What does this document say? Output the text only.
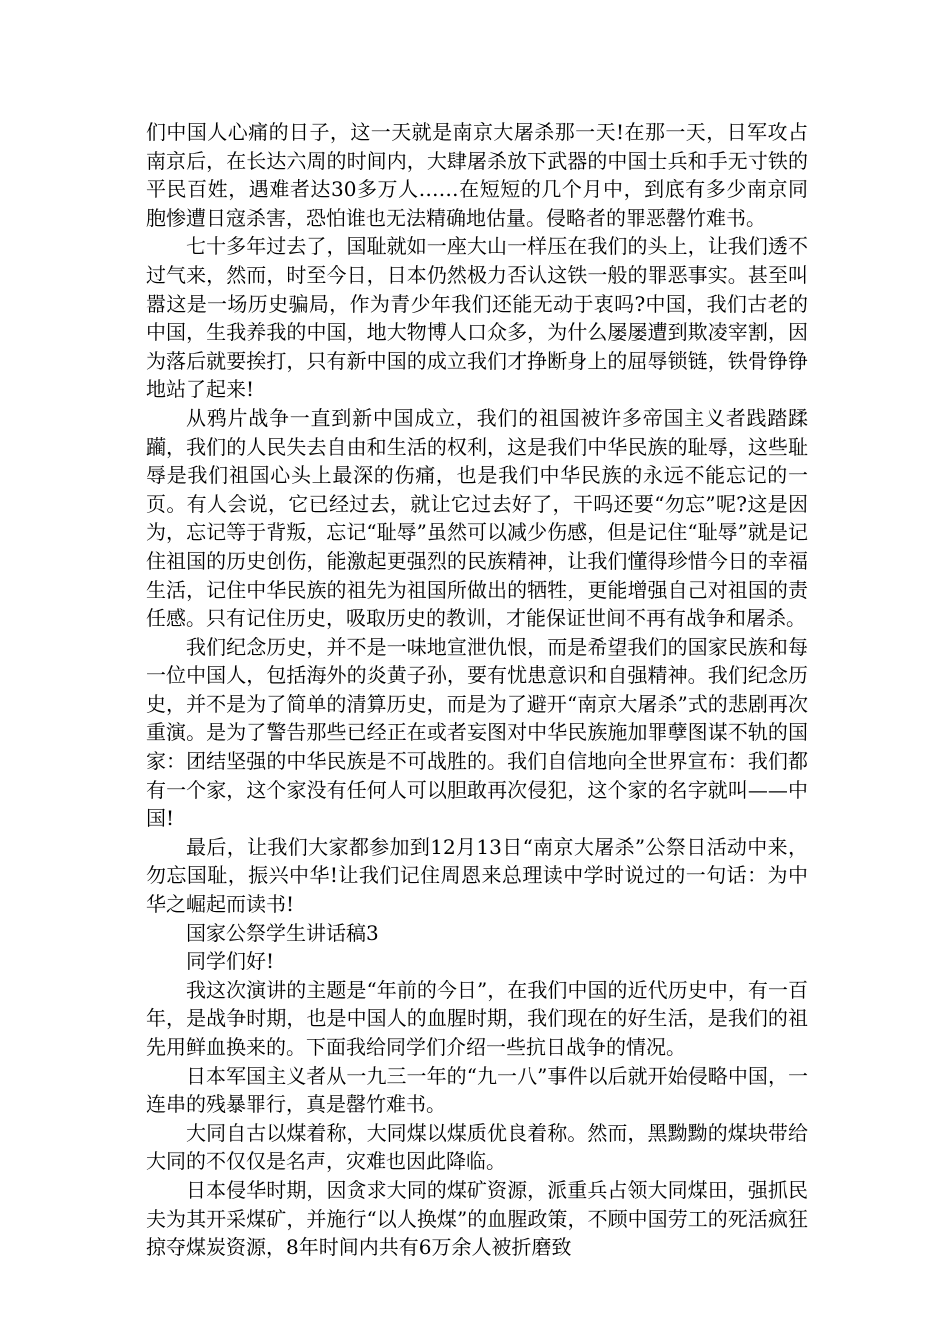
们中国人心痛的日子，这一天就是南京大屠杀那一天!在那一天，日军攻占南京后，在长达六周的时间内，大肆屠杀放下武器的中国士兵和手无寸铁的平民百姓，遇难者达30多万人……在短短的几个月中，到底有多少南京同胞惨遭日寇杀害，恐怕谁也无法精确地估量。侵略者的罪恶罄竹难书。

七十多年过去了，国耻就如一座大山一样压在我们的头上，让我们透不过气来，然而，时至今日，日本仍然极力否认这铁一般的罪恶事实。甚至叫嚣这是一场历史骗局，作为青少年我们还能无动于衷吗?中国，我们古老的中国，生我养我的中国，地大物博人口众多，为什么屡屡遭到欺凌宰割，因为落后就要挨打，只有新中国的成立我们才挣断身上的屈辱锁链，铁骨铮铮地站了起来!

从鸦片战争一直到新中国成立，我们的祖国被许多帝国主义者践踏蹂躏，我们的人民失去自由和生活的权利，这是我们中华民族的耻辱，这些耻辱是我们祖国心头上最深的伤痛，也是我们中华民族的永远不能忘记的一页。有人会说，它已经过去，就让它过去好了，干吗还要“勿忘”呢?这是因为，忘记等于背叛，忘记“耻辱”虽然可以减少伤感，但是记住“耻辱”就是记住祖国的历史创伤，能激起更强烈的民族精神，让我们懂得珍惜今日的幸福生活，记住中华民族的祖先为祖国所做出的牺牲，更能增强自己对祖国的责任感。只有记住历史，吸取历史的教训，才能保证世间不再有战争和屠杀。

我们纪念历史，并不是一味地宣泄仇恨，而是希望我们的国家民族和每一位中国人，包括海外的炎黄子孙，要有忧患意识和自强精神。我们纪念历史，并不是为了简单的清算历史，而是为了避开“南京大屠杀”式的悲剧再次重演。是为了警告那些已经正在或者妄图对中华民族施加罪孽图谋不轨的国家：团结坚强的中华民族是不可战胜的。我们自信地向全世界宣布：我们都有一个家，这个家没有任何人可以胆敢再次侵犯，这个家的名字就叫——中国!

最后，让我们大家都参加到12月13日“南京大屠杀”公祭日活动中来，勿忘国耻，振兴中华!让我们记住周恩来总理读中学时说过的一句话：为中华之崛起而读书!

国家公祭学生讲话稿3

同学们好!

我这次演讲的主题是“年前的今日”，在我们中国的近代历史中，有一百年，是战争时期，也是中国人的血腥时期，我们现在的好生活，是我们的祖先用鲜血换来的。下面我给同学们介绍一些抗日战争的情况。

日本军国主义者从一九三一年的“九一八”事件以后就开始侵略中国，一连串的残暴罪行，真是罄竹难书。

大同自古以煤着称，大同煤以煤质优良着称。然而，黑黝黝的煤块带给大同的不仅仅是名声，灾难也因此降临。

日本侵华时期，因贪求大同的煤矿资源，派重兵占领大同煤田，强抓民夫为其开采煤矿，并施行“以人换煤”的血腥政策，不顾中国劳工的死活疯狂掠夺煤炭资源，8年时间内共有6万余人被折磨致
